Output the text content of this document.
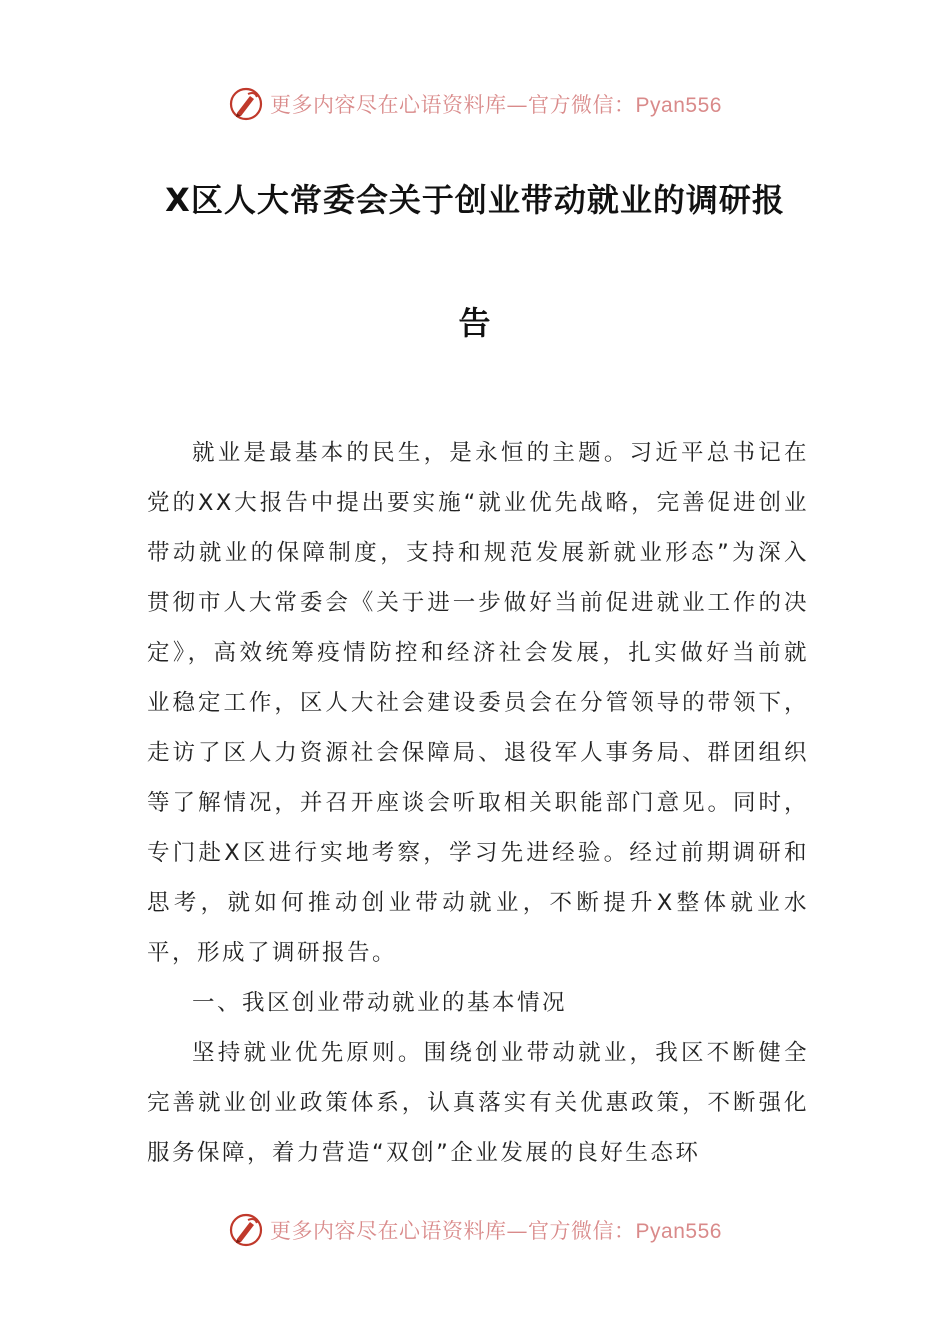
更多内容尽在心语资料库—官方微信：Pyan556
X区人大常委会关于创业带动就业的调研报
告

就业是最基本的民生，是永恒的主题。习近平总书记在党的XX大报告中提出要实施“就业优先战略，完善促进创业带动就业的保障制度，支持和规范发展新就业形态”为深入贯彻市人大常委会《关于进一步做好当前促进就业工作的决定》，高效统筹疫情防控和经济社会发展，扎实做好当前就业稳定工作，区人大社会建设委员会在分管领导的带领下，走访了区人力资源社会保障局、退役军人事务局、群团组织等了解情况，并召开座谈会听取相关职能部门意见。同时，专门赴X区进行实地考察，学习先进经验。经过前期调研和思考，就如何推动创业带动就业，不断提升X整体就业水平，形成了调研报告。

一、我区创业带动就业的基本情况

坚持就业优先原则。围绕创业带动就业，我区不断健全完善就业创业政策体系，认真落实有关优惠政策，不断强化服务保障，着力营造“双创”企业发展的良好生态环

更多内容尽在心语资料库—官方微信：Pyan556
